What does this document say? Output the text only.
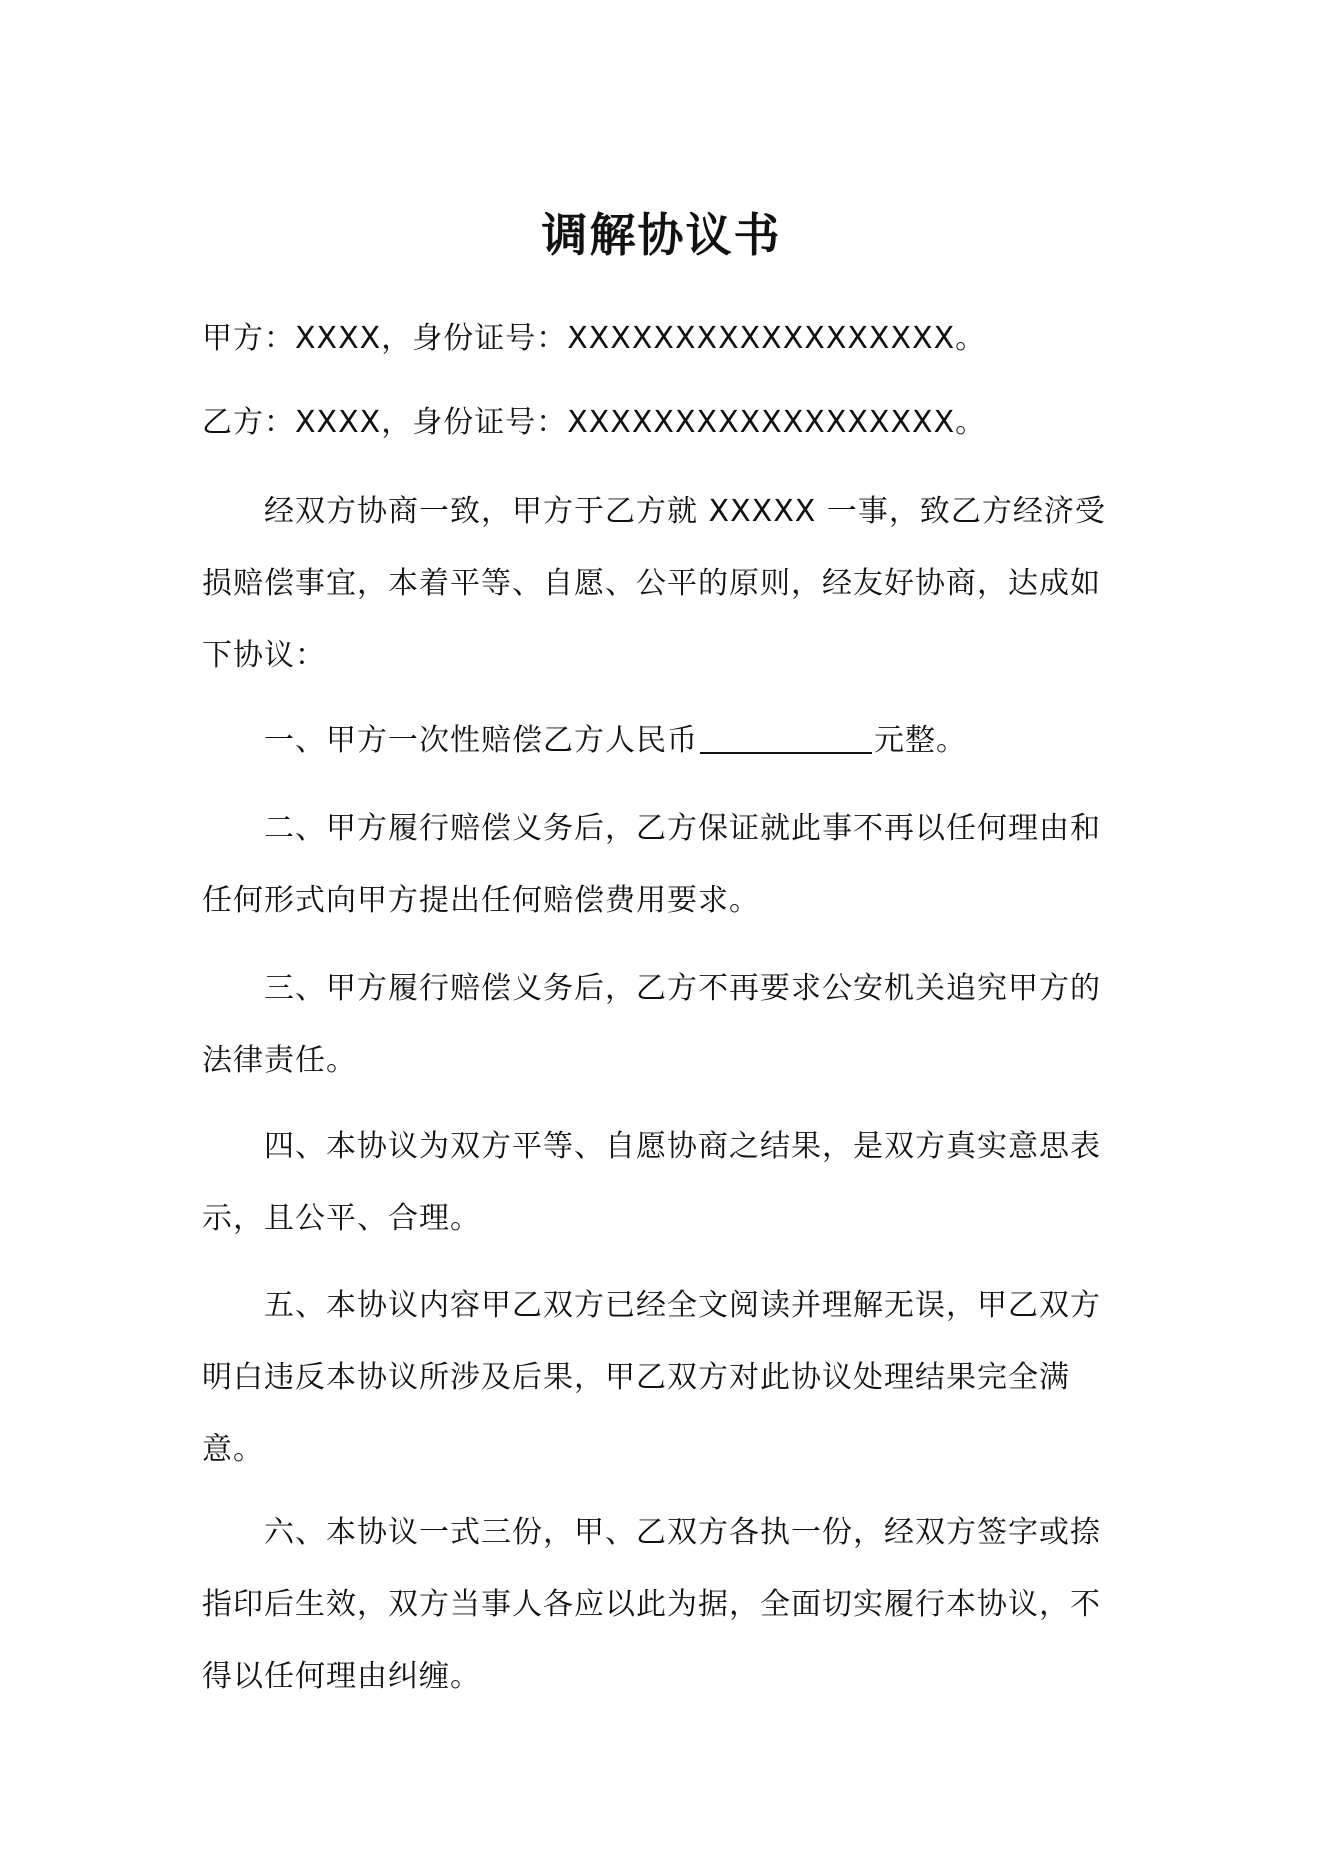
调解协议书

甲方：XXXX，身份证号：XXXXXXXXXXXXXXXXXX。

乙方：XXXX，身份证号：XXXXXXXXXXXXXXXXXX。

经双方协商一致，甲方于乙方就 XXXXX 一事，致乙方经济受损赔偿事宜，本着平等、自愿、公平的原则，经友好协商，达成如下协议：

一、甲方一次性赔偿乙方人民币	元整。

二、甲方履行赔偿义务后，乙方保证就此事不再以任何理由和任何形式向甲方提出任何赔偿费用要求。

三、甲方履行赔偿义务后，乙方不再要求公安机关追究甲方的法律责任。

四、本协议为双方平等、自愿协商之结果，是双方真实意思表示，且公平、合理。

五、本协议内容甲乙双方已经全文阅读并理解无误，甲乙双方明白违反本协议所涉及后果，甲乙双方对此协议处理结果完全满意。

六、本协议一式三份，甲、乙双方各执一份，经双方签字或捺指印后生效，双方当事人各应以此为据，全面切实履行本协议，不得以任何理由纠缠。
